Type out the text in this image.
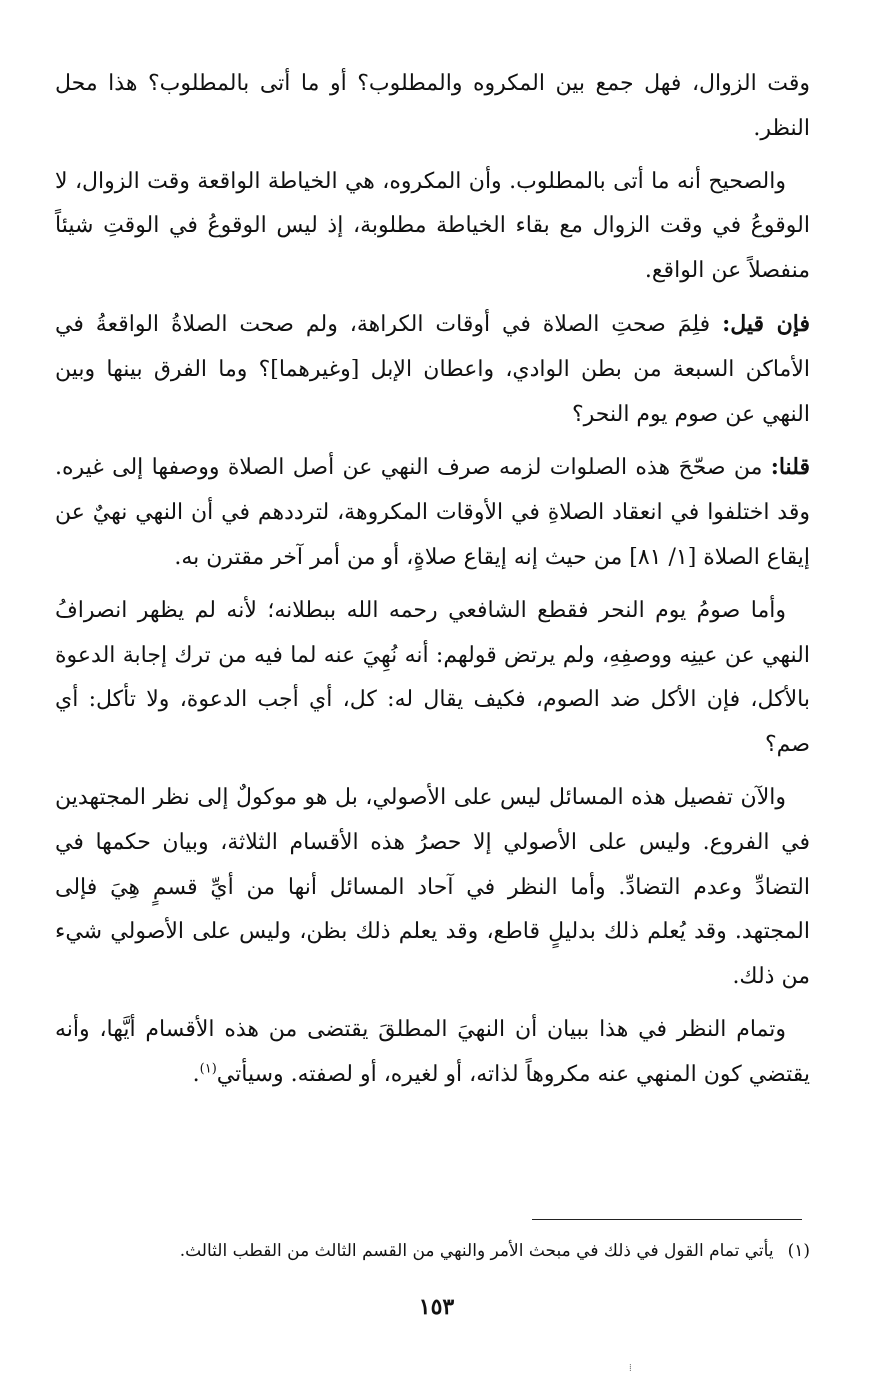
وقت الزوال، فهل جمع بين المكروه والمطلوب؟ أو ما أتى بالمطلوب؟ هذا محل النظر.

والصحيح أنه ما أتى بالمطلوب. وأن المكروه، هي الخياطة الواقعة وقت الزوال، لا الوقوعُ في وقت الزوال مع بقاء الخياطة مطلوبة، إذ ليس الوقوعُ في الوقتِ شيئاً منفصلاً عن الواقع.

فإن قيل: فلِمَ صحتِ الصلاة في أوقات الكراهة، ولم صحت الصلاةُ الواقعةُ في الأماكن السبعة من بطن الوادي، واعطان الإبل [وغيرهما]؟ وما الفرق بينها وبين النهي عن صوم يوم النحر؟

قلنا: من صحّحَ هذه الصلوات لزمه صرف النهي عن أصل الصلاة ووصفها إلى غيره. وقد اختلفوا في انعقاد الصلاةِ في الأوقات المكروهة، لترددهم في أن النهي نهيٌ عن إيقاع الصلاة [١/ ٨١] من حيث إنه إيقاع صلاةٍ، أو من أمر آخر مقترن به.

وأما صومُ يوم النحر فقطع الشافعي رحمه الله ببطلانه؛ لأنه لم يظهر انصرافُ النهي عن عينِه ووصفِهِ، ولم يرتض قولهم: أنه نُهِيَ عنه لما فيه من ترك إجابة الدعوة بالأكل، فإن الأكل ضد الصوم، فكيف يقال له: كل، أي أجب الدعوة، ولا تأكل: أي صم؟

والآن تفصيل هذه المسائل ليس على الأصولي، بل هو موكولٌ إلى نظر المجتهدين في الفروع. وليس على الأصولي إلا حصرُ هذه الأقسام الثلاثة، وبيان حكمها في التضادِّ وعدم التضادِّ. وأما النظر في آحاد المسائل أنها من أيِّ قسمٍ هِيَ فإلى المجتهد. وقد يُعلم ذلك بدليلٍ قاطع، وقد يعلم ذلك بظن، وليس على الأصولي شيء من ذلك.

وتمام النظر في هذا ببيان أن النهيَ المطلقَ يقتضى من هذه الأقسام أيَّها، وأنه يقتضي كون المنهي عنه مكروهاً لذاته، أو لغيره، أو لصفته. وسيأتي$^{(١)}$.

(١)يأتي تمام القول في ذلك في مبحث الأمر والنهي من القسم الثالث من القطب الثالث.
١٥٣
⁞
